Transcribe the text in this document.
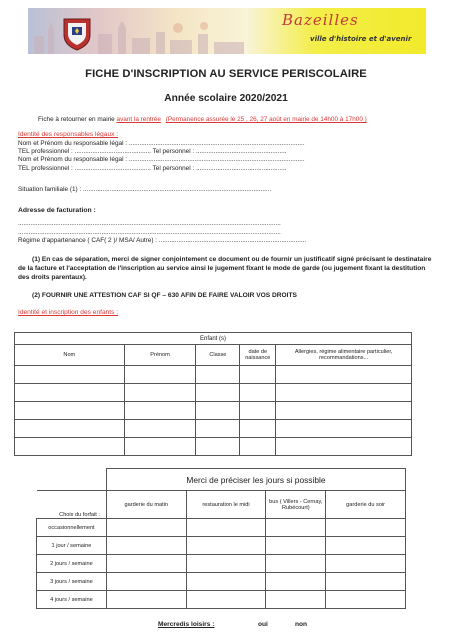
Bazeilles
ville d'histoire et d'avenir
FICHE D'INSCRIPTION AU SERVICE PERISCOLAIRE
Année scolaire 2020/2021
Fiche à retourner en mairie avant la rentrée (Permanence assurée le 25 , 26, 27 août en mairie de 14h00 à 17h00 )
Identité des responsables légaux :
Nom et Prénom du responsable légal : ...................................................................................................
TEL professionnel : ........................................... Tel personnel : ...................................................
Nom et Prénom du responsable légal : ...................................................................................................
TEL professionnel : ........................................... Tel personnel : ...................................................
Situation familiale (1) : ..........................................................................................................
Adresse de facturation :
....................................................................................................................................................
....................................................................................................................................................
Régime d'appartenance ( CAF( 2 )/ MSA/ Autre) : ...................................................................................
(1) En cas de séparation, merci de signer conjointement ce document ou de fournir un justificatif signé précisant le destinataire de la facture et l'acceptation de l'inscription au service ainsi le jugement fixant le mode de garde (ou jugement fixant la destitution des droits parentaux).
(2) FOURNIR UNE ATTESTION CAF SI QF – 630 AFIN DE FAIRE VALOIR VOS DROITS
Identité et inscription des enfants :
Enfant (s)				
Nom	Prénom	Classe	date de naissance	Allergies, régime alimentaire particulier, recommandations...

	Merci de préciser les jours si possible			
Choix du forfait :	garderie du matin	restauration le midi	bus ( Villers - Cernay, Rubécourt)	garderie du soir
occasionnellement				
1 jour / semaine				
2 jours / semaine				
3 jours / semaine				
4 jours / semaine				
Mercredis loisirs :	oui	non
